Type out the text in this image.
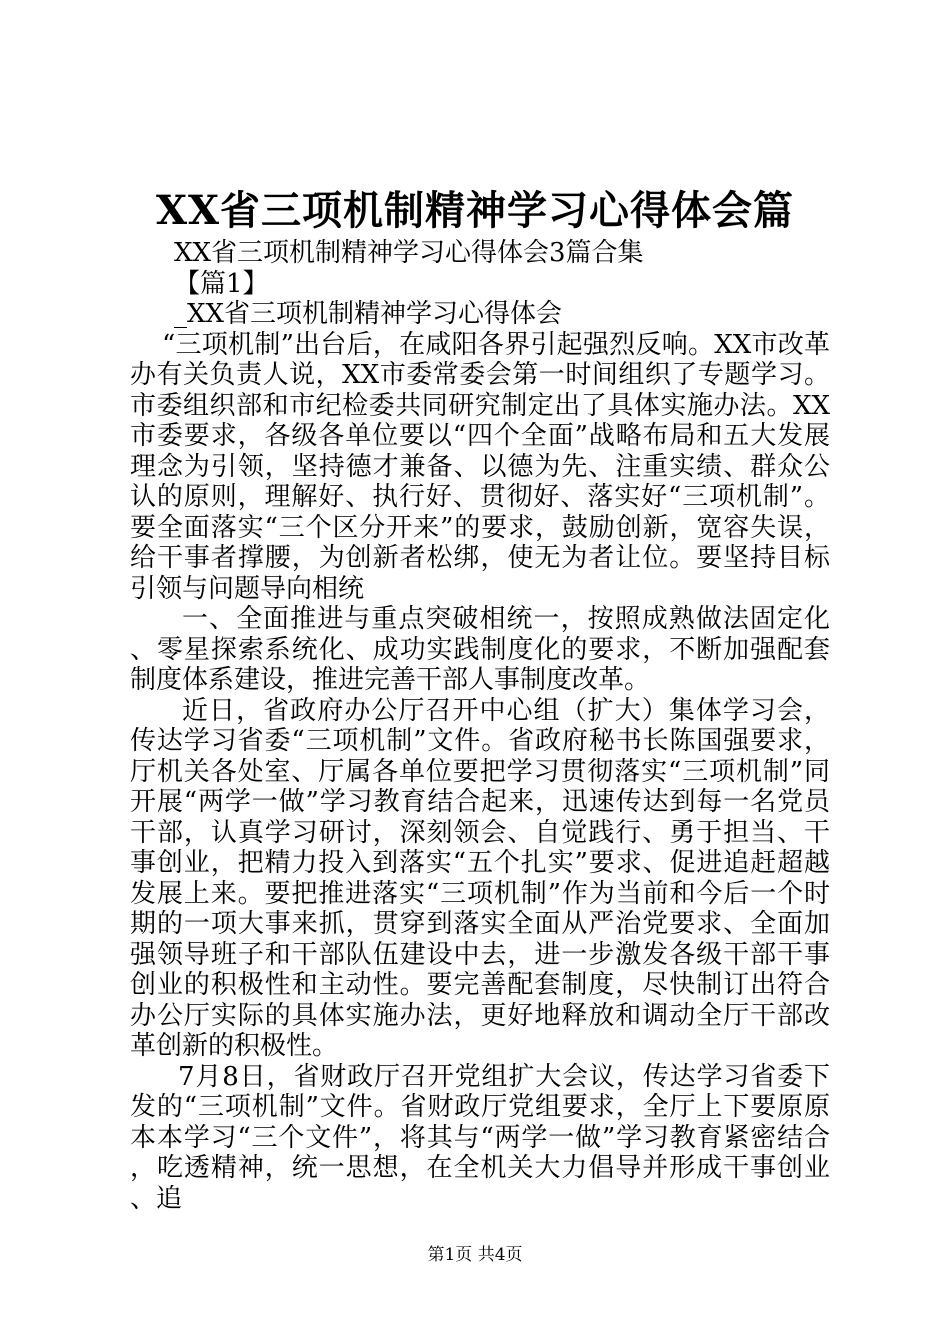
XX省三项机制精神学习心得体会篇

XX省三项机制精神学习心得体会3篇合集

【篇1】

_XX省三项机制精神学习心得体会

“三项机制”出台后，在咸阳各界引起强烈反响。XX市改革办有关负责人说，XX市委常委会第一时间组织了专题学习。市委组织部和市纪检委共同研究制定出了具体实施办法。XX市委要求，各级各单位要以“四个全面”战略布局和五大发展理念为引领，坚持德才兼备、以德为先、注重实绩、群众公认的原则，理解好、执行好、贯彻好、落实好“三项机制”。要全面落实“三个区分开来”的要求，鼓励创新，宽容失误，给干事者撑腰，为创新者松绑，使无为者让位。要坚持目标引领与问题导向相统

一、全面推进与重点突破相统一，按照成熟做法固定化、零星探索系统化、成功实践制度化的要求，不断加强配套制度体系建设，推进完善干部人事制度改革。

近日，省政府办公厅召开中心组（扩大）集体学习会，传达学习省委“三项机制”文件。省政府秘书长陈国强要求，厅机关各处室、厅属各单位要把学习贯彻落实“三项机制”同开展“两学一做”学习教育结合起来，迅速传达到每一名党员干部，认真学习研讨，深刻领会、自觉践行、勇于担当、干事创业，把精力投入到落实“五个扎实”要求、促进追赶超越发展上来。要把推进落实“三项机制”作为当前和今后一个时期的一项大事来抓，贯穿到落实全面从严治党要求、全面加强领导班子和干部队伍建设中去，进一步激发各级干部干事创业的积极性和主动性。要完善配套制度，尽快制订出符合办公厅实际的具体实施办法，更好地释放和调动全厅干部改革创新的积极性。

7月8日，省财政厅召开党组扩大会议，传达学习省委下发的“三项机制”文件。省财政厅党组要求，全厅上下要原原本本学习“三个文件”，将其与“两学一做”学习教育紧密结合，吃透精神，统一思想，在全机关大力倡导并形成干事创业、追

第1页 共4页
